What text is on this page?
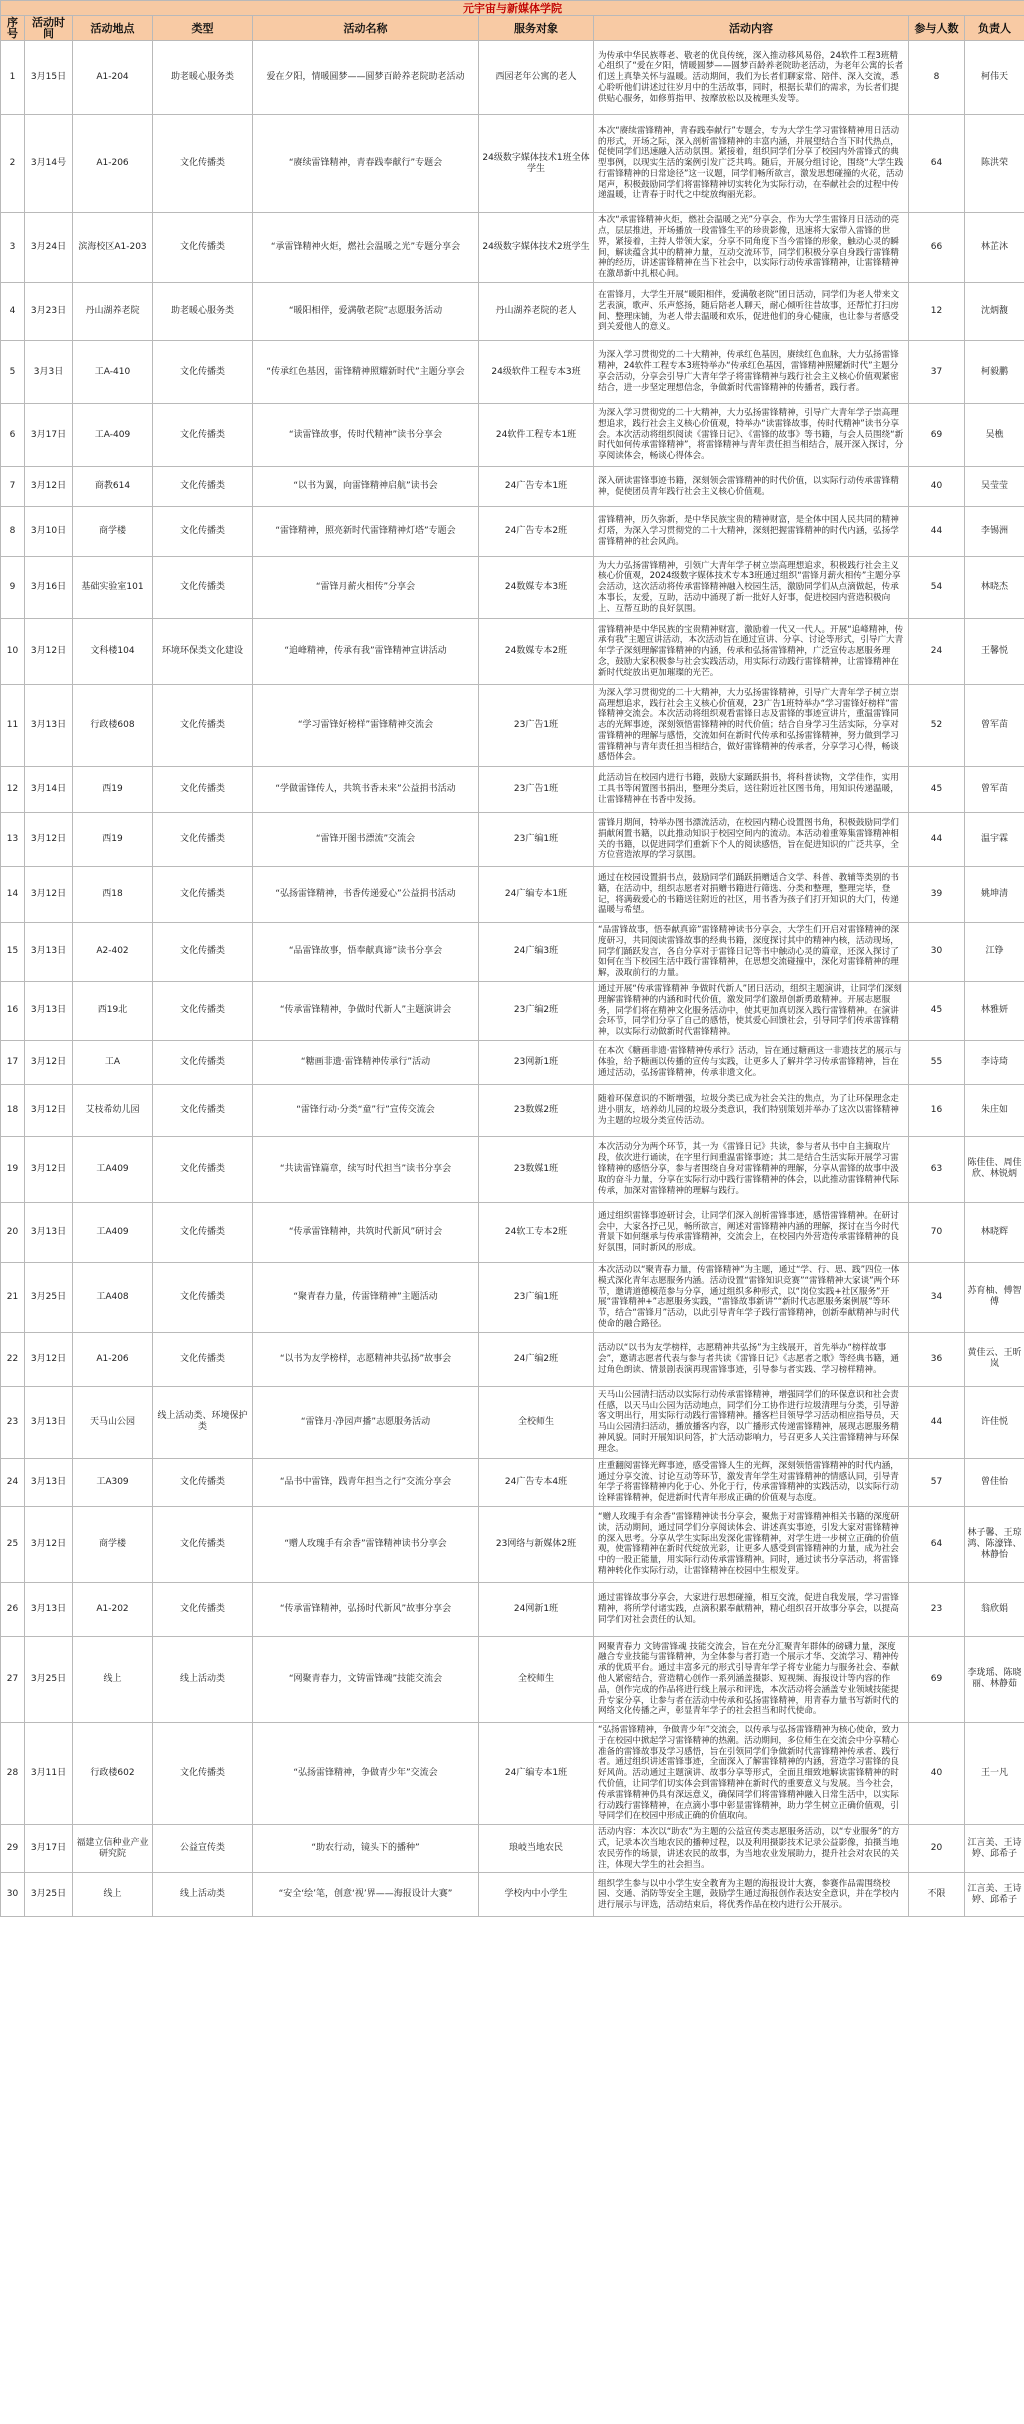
元宇宙与新媒体学院								
序号	活动时间	活动地点	类型	活动名称	服务对象	活动内容	参与人数	负责人
1	3月15日	A1-204	助老暖心服务类	爱在夕阳，情暖圆梦——圆梦百龄养老院助老活动	西园老年公寓的老人	为传承中华民族尊老、敬老的优良传统，深入推动移风易俗，24软件工程3班精心组织了“爱在夕阳，情暖圆梦——圆梦百龄养老院助老活动，为老年公寓的长者们送上真挚关怀与温暖。活动期间，我们为长者们聊家常、陪伴、深入交流，悉心聆听他们讲述过往岁月中的生活故事，同时，根据长辈们的需求，为长者们提供贴心服务，如修剪指甲、按摩放松以及梳理头发等。	8	柯伟天
2	3月14号	A1-206	文化传播类	“赓续雷锋精神，青春践奉献行”专题会	24级数字媒体技术1班全体学生	本次“赓续雷锋精神，青春践奉献行”专题会，专为大学生学习雷锋精神用日活动的形式，开场之际，深入剖析雷锋精神的丰富内涵，并展望结合当下时代热点，促使同学们迅速融入活动氛围。紧接着，组织同学们分享了校园内外雷锋式的典型事例，以现实生活的案例引发广泛共鸣。随后，开展分组讨论，围绕“大学生践行雷锋精神的日常途径”这一议题，同学们畅所欲言，激发思想碰撞的火花，活动尾声，积极鼓励同学们将雷锋精神切实转化为实际行动，在奉献社会的过程中传递温暖，让青春于时代之中绽放绚丽光彩。	64	陈洪荣
3	3月24日	滨海校区A1-203	文化传播类	“承雷锋精神火炬，燃社会温暖之光”专题分享会	24级数字媒体技术2班学生	本次“承雷锋精神火炬，燃社会温暖之光”分享会，作为大学生雷锋月日活动的亮点，层层推进，开场播放一段雷锋生平的珍贵影像，迅速将大家带入雷锋的世界，紧接着，主持人带领大家，分享不同角度下当今雷锋的形象，触动心灵的瞬间，解读蕴含其中的精神力量，互动交流环节，同学们积极分享自身践行雷锋精神的经历，讲述雷锋精神在当下社会中，以实际行动传承雷锋精神，让雷锋精神在激昂新中扎根心间。	66	林芷沐
4	3月23日	丹山湖养老院	助老暖心服务类	“暖阳相伴，爱满敬老院”志愿服务活动	丹山湖养老院的老人	在雷锋月，大学生开展“暖阳相伴，爱满敬老院”团日活动，同学们为老人带来文艺表演，歌声、乐声悠扬，随后陪老人聊天，耐心倾听往昔故事，还帮忙打扫房间、整理床铺，为老人带去温暖和欢乐，促进他们的身心健康，也让参与者感受到关爱他人的意义。	12	沈炳馥
5	3月3日	工A-410	文化传播类	“传承红色基因，雷锋精神照耀新时代”主题分享会	24级软件工程专本3班	为深入学习贯彻党的二十大精神，传承红色基因，赓续红色血脉，大力弘扬雷锋精神，24软件工程专本3班特举办“传承红色基因，雷锋精神照耀新时代”主题分享会活动，分享会引导广大青年学子将雷锋精神与践行社会主义核心价值观紧密结合，进一步坚定理想信念，争做新时代雷锋精神的传播者，践行者。	37	柯毅鹏
6	3月17日	工A-409	文化传播类	“读雷锋故事，传时代精神”读书分享会	24软件工程专本1班	为深入学习贯彻党的二十大精神，大力弘扬雷锋精神，引导广大青年学子崇高理想追求，践行社会主义核心价值观，特举办“读雷锋故事，传时代精神”读书分享会。本次活动将组织阅读《雷锋日记》、《雷锋的故事》等书籍，与会人员围绕“新时代如何传承雷锋精神”，将雷锋精神与青年责任担当相结合，展开深入探讨，分享阅读体会，畅谈心得体会。	69	吴樵
7	3月12日	商教614	文化传播类	“以书为翼，向雷锋精神启航”读书会	24广告专本1班	深入研读雷锋事迹书籍，深刻领会雷锋精神的时代价值，以实际行动传承雷锋精神，促使团员青年践行社会主义核心价值观。	40	吴莹莹
8	3月10日	商学楼	文化传播类	“雷锋精神，照亮新时代雷锋精神灯塔”专题会	24广告专本2班	雷锋精神，历久弥新，是中华民族宝贵的精神财富，是全体中国人民共同的精神灯塔，为深入学习贯彻党的二十大精神，深刻把握雷锋精神的时代内涵，弘扬学雷锋精神的社会风尚。	44	李锡洲
9	3月16日	基础实验室101	文化传播类	“雷锋月薪火相传”分享会	24数媒专本3班	为大力弘扬雷锋精神，引领广大青年学子树立崇高理想追求，积极践行社会主义核心价值观，2024级数字媒体技术专本3班通过组织“雷锋月薪火相传”主题分享会活动，这次活动将传承雷锋精神融入校园生活，激励同学们从点滴做起，传承本事长，友爱，互助，活动中涌现了新一批好人好事，促进校园内营造积极向上、互帮互助的良好氛围。	54	林晓杰
10	3月12日	文科楼104	环境环保类文化建设	“追峰精神，传承有我”雷锋精神宣讲活动	24数媒专本2班	雷锋精神是中华民族的宝贵精神财富，激励着一代又一代人。开展“追峰精神，传承有我”主题宣讲活动，本次活动旨在通过宣讲、分享、讨论等形式，引导广大青年学子深刻理解雷锋精神的内涵，传承和弘扬雷锋精神，广泛宣传志愿服务理念，鼓励大家积极参与社会实践活动，用实际行动践行雷锋精神，让雷锋精神在新时代绽放出更加璀璨的光芒。	24	王馨悦
11	3月13日	行政楼608	文化传播类	“学习雷锋好榜样”雷锋精神交流会	23广告1班	为深入学习贯彻党的二十大精神，大力弘扬雷锋精神，引导广大青年学子树立崇高理想追求，践行社会主义核心价值观，23广告1班特举办“学习雷锋好榜样”雷锋精神交流会。本次活动将组织观看雷锋日志及雷锋的事迹宣讲片，重温雷锋同志的光辉事迹，深刻领悟雷锋精神的时代价值；结合自身学习生活实际，分享对雷锋精神的理解与感悟，交流如何在新时代传承和弘扬雷锋精神，努力做到学习雷锋精神与青年责任担当相结合，做好雷锋精神的传承者，分享学习心得，畅谈感悟体会。	52	曾军苗
12	3月14日	西19	文化传播类	“学做雷锋传人，共筑书香未来”公益捐书活动	23广告1班	此活动旨在校园内进行书籍，鼓励大家踊跃捐书，将科普读物，文学佳作，实用工具书等闲置图书捐出，整理分类后，送往附近社区图书角，用知识传递温暖，让雷锋精神在书香中发扬。	45	曾军苗
13	3月12日	西19	文化传播类	“雷锋开图书漂流”交流会	23广编1班	雷锋月期间，特举办图书漂流活动，在校园内精心设置图书角，积极鼓励同学们捐献闲置书籍，以此推动知识于校园空间内的流动。本活动着重筹集雷锋精神相关的书籍，以促进同学们重新下个人的阅读感悟，旨在促进知识的广泛共享，全方位营造浓厚的学习氛围。	44	温宇霖
14	3月12日	西18	文化传播类	“弘扬雷锋精神，书香传递爱心”公益捐书活动	24广编专本1班	通过在校园设置捐书点，鼓励同学们踊跃捐赠适合文学、科普、教辅等类别的书籍，在活动中，组织志愿者对捐赠书籍进行筛选、分类和整理，整理完毕，登记，将满载爱心的书籍送往附近的社区，用书香为孩子们打开知识的大门，传递温暖与希望。	39	姚坤清
15	3月13日	A2-402	文化传播类	“品雷锋故事，悟奉献真谛”读书分享会	24广编3班	“品雷锋故事，悟奉献真谛”雷锋精神读书分享会，大学生们开启对雷锋精神的深度研习，共同阅读雷锋故事的经典书籍，深度探讨其中的精神内核，活动现场，同学们踊跃发言，各自分享对于雷锋日记等书中触动心灵的篇章，还深入探讨了如何在当下校园生活中践行雷锋精神，在思想交流碰撞中，深化对雷锋精神的理解，汲取前行的力量。	30	江铮
16	3月13日	西19北	文化传播类	“传承雷锋精神，争做时代新人”主题演讲会	23广编2班	通过开展“传承雷锋精神 争做时代新人”团日活动，组织主题演讲，让同学们深刻理解雷锋精神的内涵和时代价值，激发同学们激昂创新勇敢精神。开展志愿服务，同学们将在精神文化服务活动中，使其更加真切深入践行雷锋精神。在演讲会环节，同学们分享了自己的感悟，使其爱心回馈社会，引导同学们传承雷锋精神，以实际行动做新时代雷锋精神。	45	林雅妍
17	3月12日	工A	文化传播类	“糖画非遗·雷锋精神传承行”活动	23网新1班	在本次《糖画非遗·雷锋精神传承行》活动，旨在通过糖画这一非遗技艺的展示与体验，给予糖画以传播的宣传与实践，让更多人了解并学习传承雷锋精神，旨在通过活动，弘扬雷锋精神，传承非遗文化。	55	李诗琦
18	3月12日	艾枝希幼儿园	文化传播类	“雷锋行动·分类“童”行”宣传交流会	23数媒2班	随着环保意识的不断增强，垃圾分类已成为社会关注的焦点，为了让环保理念走进小朋友，培养幼儿园的垃圾分类意识，我们特别策划并举办了这次以雷锋精神为主题的垃圾分类宣传活动。	16	朱庄如
19	3月12日	工A409	文化传播类	“共读雷锋篇章，续写时代担当”读书分享会	23数媒1班	本次活动分为两个环节，其一为《雷锋日记》共读，参与者从书中自主摘取片段，依次进行诵读，在字里行间重温雷锋事迹；其二是结合生活实际开展学习雷锋精神的感悟分享，参与者围绕自身对雷锋精神的理解，分享从雷锋的故事中汲取的奋斗力量，分享在实际行动中践行雷锋精神的体会，以此推动雷锋精神代际传承，加深对雷锋精神的理解与践行。	63	陈佳佳、周佳欣、林锐炳
20	3月13日	工A409	文化传播类	“传承雷锋精神，共筑时代新风”研讨会	24软工专本2班	通过组织雷锋事迹研讨会，让同学们深入剖析雷锋事迹，感悟雷锋精神。在研讨会中，大家各抒己见，畅所欲言，阐述对雷锋精神内涵的理解，探讨在当今时代背景下如何继承与传承雷锋精神，交流会上，在校园内外营造传承雷锋精神的良好氛围，同时新风的形成。	70	林晓辉
21	3月25日	工A408	文化传播类	“聚青春力量，传雷锋精神”主题活动	23广编1班	本次活动以“聚青春力量，传雷锋精神”为主题，通过“学、行、思、践”四位一体模式深化青年志愿服务内涵。活动设置“雷锋知识竞赛”“雷锋精神大家谈”两个环节，邀请道德模范参与分享，通过组织多种形式，以“岗位实践+社区服务”开展“雷锋精神+”志愿服务实践，“雷锋故事新讲”“新时代志愿服务案例展”等环节，结合“雷锋月”活动，以此引导青年学子践行雷锋精神，创新奉献精神与时代使命的融合路径。	34	苏育柚、傅智傅
22	3月12日	A1-206	文化传播类	“以书为友学榜样，志愿精神共弘扬”故事会	24广编2班	活动以“以书为友学榜样，志愿精神共弘扬”为主线展开，首先举办“榜样故事会”，邀请志愿者代表与参与者共读《雷锋日记》《志愿者之歌》等经典书籍，通过角色朗读、情景剧表演再现雷锋事迹，引导参与者实践、学习榜样精神。	36	黄佳云、王昕岚
23	3月13日	天马山公园	线上活动类、环境保护类	“雷锋月·净园声播”志愿服务活动	全校师生	天马山公园清扫活动以实际行动传承雷锋精神，增强同学们的环保意识和社会责任感，以天马山公园为活动地点，同学们分工协作进行垃圾清理与分类，引导游客文明出行，用实际行动践行雷锋精神。播客栏目领导学习活动相应指导员，天马山公园清扫活动，播放播客内容，以广播形式传递雷锋精神，展现志愿服务精神风貌。同时开展知识问答，扩大活动影响力，号召更多人关注雷锋精神与环保理念。	44	许佳悦
24	3月13日	工A309	文化传播类	“品书中雷锋，践青年担当之行”交流分享会	24广告专本4班	庄重翻阅雷锋光辉事迹，感受雷锋人生的光辉，深刻领悟雷锋精神的时代内涵，通过分享交流、讨论互动等环节，激发青年学生对雷锋精神的情感认同，引导青年学子将雷锋精神内化于心、外化于行，传承雷锋精神的实践活动，以实际行动诠释雷锋精神，促进新时代青年形成正确的价值观与态度。	57	曾佳怡
25	3月12日	商学楼	文化传播类	“赠人玫瑰手有余香”雷锋精神读书分享会	23网络与新媒体2班	“赠人玫瑰手有余香”雷锋精神读书分享会，聚焦于对雷锋精神相关书籍的深度研读，活动期间，通过同学们分享阅读体会、讲述真实事迹，引发大家对雷锋精神的深入思考。分享从学生实际出发深化雷锋精神，对学生进一步树立正确的价值观，使雷锋精神在新时代绽放光彩，让更多人感受到雷锋精神的力量，成为社会中的一股正能量，用实际行动传承雷锋精神。同时，通过读书分享活动，将雷锋精神转化作实际行动，让雷锋精神在校园中生根发芽。	64	林子馨、王琼鸿、陈濠锋、林静怡
26	3月13日	A1-202	文化传播类	“传承雷锋精神，弘扬时代新风”故事分享会	24网新1班	通过雷锋故事分享会，大家进行思想碰撞，相互交流，促进自我发展，学习雷锋精神，将所学付诸实践，点滴积累奉献精神，精心组织召开故事分享会，以提高同学们对社会责任的认知。	23	翁欣娟
27	3月25日	线上	线上活动类	“网聚青春力，文铸雷锋魂”技能交流会	全校师生	网聚青春力 文铸雷锋魂 技能交流会，旨在充分汇聚青年群体的磅礴力量，深度融合专业技能与雷锋精神，为全体参与者打造一个展示才华、交流学习、精神传承的优质平台。通过丰富多元的形式引导青年学子将专业能力与服务社会、奉献他人紧密结合，营造精心创作一系列涵盖摄影、短视频、海报设计等内容的作品，创作完成的作品将进行线上展示和评选，本次活动将会涵盖专业领域技能提升专家分享，让参与者在活动中传承和弘扬雷锋精神，用青春力量书写新时代的网络文化传播之声，彰显青年学子的社会担当和时代使命。	69	李珑瑶、陈晓丽、林静茹
28	3月11日	行政楼602	文化传播类	“弘扬雷锋精神，争做青少年”交流会	24广编专本1班	“弘扬雷锋精神，争做青少年”交流会，以传承与弘扬雷锋精神为核心使命，致力于在校园中掀起学习雷锋精神的热潮。活动期间，多位师生在交流会中分享精心准备的雷锋故事及学习感悟，旨在引领同学们争做新时代雷锋精神传承者、践行者。通过组织讲述雷锋事迹，全面深入了解雷锋精神的内涵，营造学习雷锋的良好风尚。活动通过主题演讲、故事分享等形式，全面且细致地解读雷锋精神的时代价值，让同学们切实体会到雷锋精神在新时代的重要意义与发展。当今社会，传承雷锋精神仍具有深远意义，确保同学们将雷锋精神融入日常生活中，以实际行动践行雷锋精神，在点滴小事中彰显雷锋精神，助力学生树立正确价值观，引导同学们在校园中形成正确的价值取向。	40	王一凡
29	3月17日	福建立信种业产业研究院	公益宣传类	“助农行动，镜头下的播种”	琅岐当地农民	活动内容：本次以“助农”为主题的公益宣传类志愿服务活动，以“专业服务”的方式，记录本次当地农民的播种过程，以及利用摄影技术记录公益影像，拍摄当地农民劳作的场景，讲述农民的故事，为当地农业发展助力，提升社会对农民的关注，体现大学生的社会担当。	20	江言美、王诗婷、邱希子
30	3月25日	线上	线上活动类	“安全‘绘’笔，创意‘视’界——海报设计大赛”	学校内中小学生	组织学生参与以中小学生安全教育为主题的海报设计大赛，参赛作品需围绕校园、交通、消防等安全主题，鼓励学生通过海报创作表达安全意识，并在学校内进行展示与评选，活动结束后，将优秀作品在校内进行公开展示。	不限	江言美、王诗婷、邱希子
